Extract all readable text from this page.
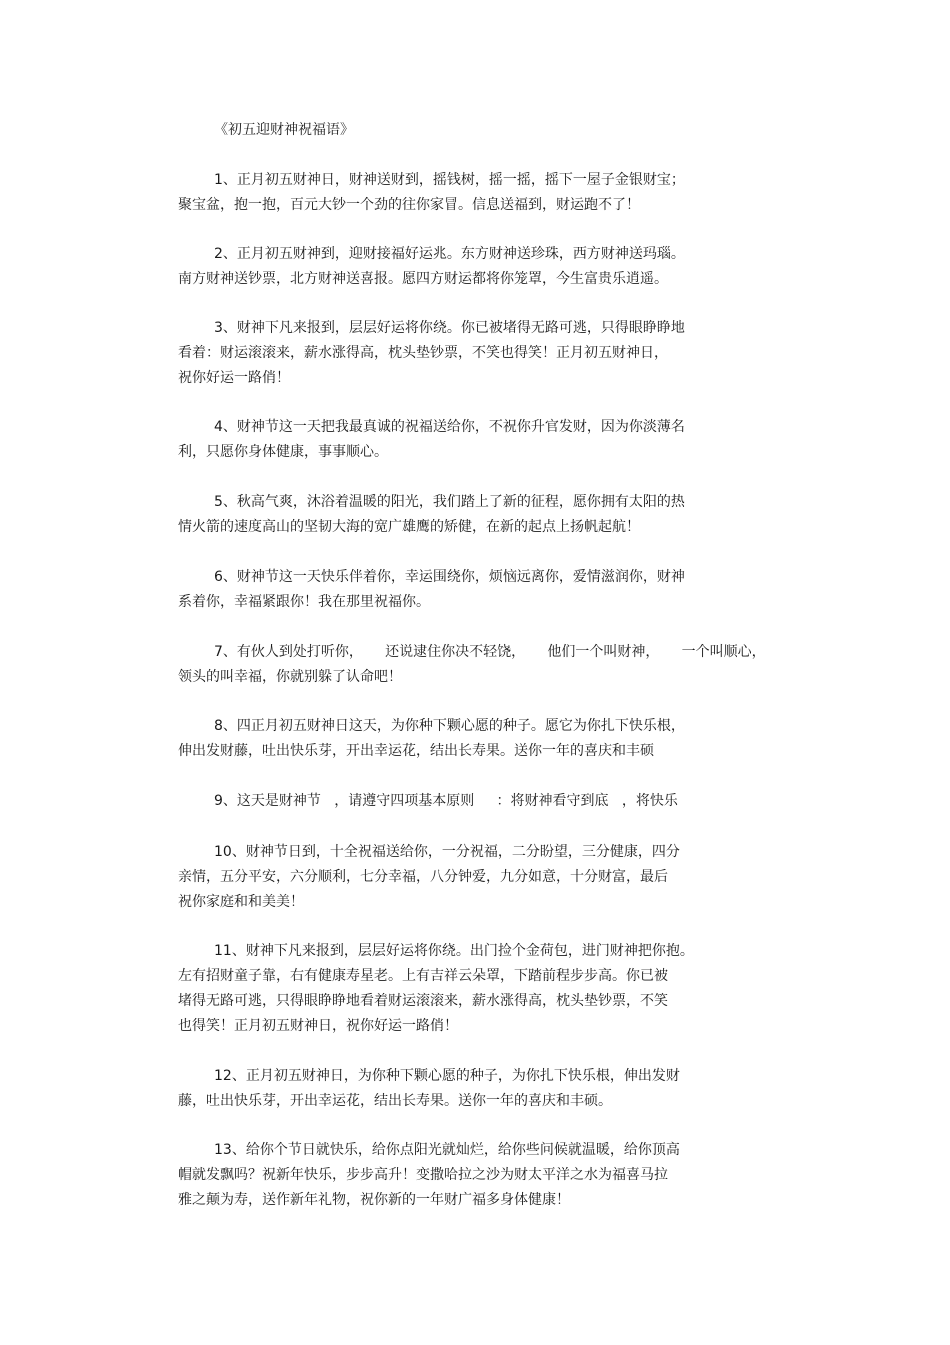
《初五迎财神祝福语》
1、正月初五财神日，财神送财到，摇钱树，摇一摇，摇下一屋子金银财宝；
聚宝盆，抱一抱，百元大钞一个劲的往你家冒。信息送福到，财运跑不了！
2、正月初五财神到，迎财接福好运兆。东方财神送珍珠，西方财神送玛瑙。
南方财神送钞票，北方财神送喜报。愿四方财运都将你笼罩，今生富贵乐逍遥。
3、财神下凡来报到，层层好运将你绕。你已被堵得无路可逃，只得眼睁睁地
看着：财运滚滚来，薪水涨得高，枕头垫钞票，不笑也得笑！正月初五财神日，
祝你好运一路俏！
4、财神节这一天把我最真诚的祝福送给你，不祝你升官发财，因为你淡薄名
利，只愿你身体健康，事事顺心。
5、秋高气爽，沐浴着温暖的阳光，我们踏上了新的征程，愿你拥有太阳的热
情火箭的速度高山的坚韧大海的宽广雄鹰的矫健，在新的起点上扬帆起航！
6、财神节这一天快乐伴着你，幸运围绕你，烦恼远离你，爱情滋润你，财神
系着你，幸福紧跟你！我在那里祝福你。
7、有伙人到处打听你，     还说逮住你决不轻饶，     他们一个叫财神，     一个叫顺心，
领头的叫幸福，你就别躲了认命吧！
8、四正月初五财神日这天，为你种下颗心愿的种子。愿它为你扎下快乐根，
伸出发财藤，吐出快乐芽，开出幸运花，结出长寿果。送你一年的喜庆和丰硕
9、这天是财神节   ，请遵守四项基本原则     ：将财神看守到底   ，将快乐
10、财神节日到，十全祝福送给你，一分祝福，二分盼望，三分健康，四分
亲情，五分平安，六分顺利，七分幸福，八分钟爱，九分如意，十分财富，最后
祝你家庭和和美美！
11、财神下凡来报到，层层好运将你绕。出门捡个金荷包，进门财神把你抱。
左有招财童子靠，右有健康寿星老。上有吉祥云朵罩，下踏前程步步高。你已被
堵得无路可逃，只得眼睁睁地看着财运滚滚来，薪水涨得高，枕头垫钞票，不笑
也得笑！正月初五财神日，祝你好运一路俏！
12、正月初五财神日，为你种下颗心愿的种子，为你扎下快乐根，伸出发财
藤，吐出快乐芽，开出幸运花，结出长寿果。送你一年的喜庆和丰硕。
13、给你个节日就快乐，给你点阳光就灿烂，给你些问候就温暖，给你顶高
帽就发飘吗？祝新年快乐，步步高升！变撒哈拉之沙为财太平洋之水为福喜马拉
雅之颠为寿，送作新年礼物，祝你新的一年财广福多身体健康！
